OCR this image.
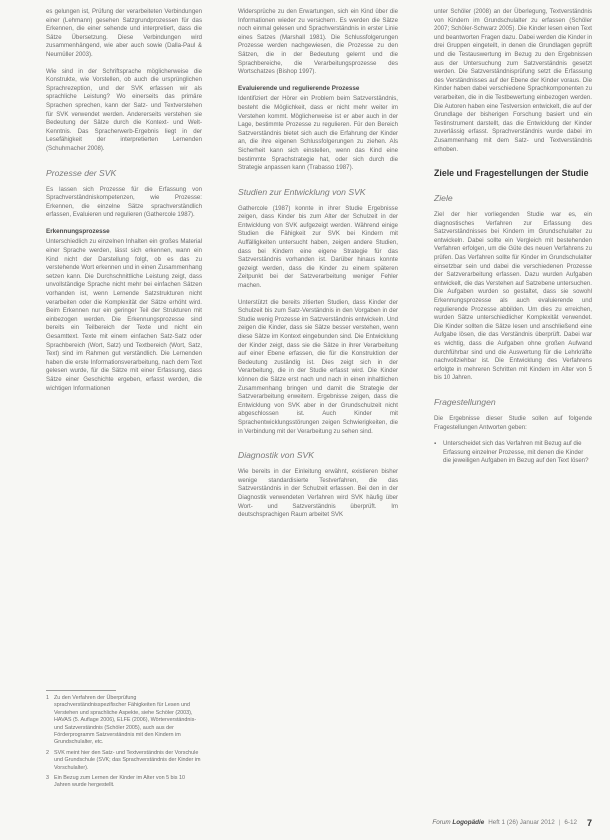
es gelungen ist, Prüfung der verarbeiteten Verbindungen einer (Lehmann) gesehen Satzgrundprozessen für das Erkennen, die einer sehende und interpretiert, dass die Sätze Übersetzung. Diese Verbindungen wird zusammenhängend, wie aber auch sowie (Dalla-Paul & Neumüller 2003).

Wie sind in der Schriftsprache möglicherweise die Konstrukte, wie Vorstellen, ob auch die ursprünglichen Sprachrezeption, und der SVK erfassen wir als sprachliche Leistung? Wo einerseits das primäre Sprachen sprechen, kann der Satz- und Textverstehen für SVK verwendet werden. Andererseits verstehen sie Bedeutung der Sätze durch die Kontext- und Welt-Kenntnis. Das Spracherwerb-Ergebnis liegt in der Lesefähigkeit der interpretierten Lernenden (Schuhmacher 2008).

Prozesse der SVK

Es lassen sich Prozesse für die Erfassung von Sprachverständniskompetenzen, wie Prozesse: Erkennen, die einzelne Sätze sprachverständlich erfassen, Evaluieren und regulieren (Gathercole 1987).

Erkennungsprozesse

Unterschiedlich zu einzelnen Inhalten ein großes Material einer Sprache werden, lässt sich erkennen, wann ein Kind nicht der Darstellung folgt, ob es das zu verstehende Wort erkennen und in einen Zusammenhang setzen kann. Die Durchschnittliche Leistung zeigt, dass unvollständige Sprache nicht mehr bei einfachen Sätzen vorhanden ist, wenn Lernende Satzstrukturen nicht verarbeiten oder die Komplexität der Sätze erhöht wird. Beim Erkennen nur ein geringer Teil der Strukturen mit einbezogen werden. Die Erkennungsprozesse sind bereits ein Teilbereich der Texte und nicht ein Gesamttext. Texte mit einem einfachen Satz-Satz oder Sprachbereich (Wort, Satz) und Textbereich (Wort, Satz, Text) sind im Rahmen gut verständlich. Die Lernenden haben die erste Informationsverarbeitung, nach dem Text gelesen wurde, für die Sätze mit einer Erfassung, dass Sätze einer Geschichte ergeben, erfasst werden, die wichtigen Informationen

1 Zu den Verfahren der Überprüfung sprachverständnisspezifischer Fähigkeiten für Lesen und Verstehen und sprachliche Aspekte, siehe Schöler (2003), HAVAS (5. Auflage 2006), ELFE (2006), Wörterverständnis- und Satzverständnis (Schöler 2005), auch aus der Förderprogramm Satzverständnis mit den Kindern im Grundschulalter, etc.
2 SVK meint hier den Satz- und Textverständnis der Vorschule und Grundschule (SVK; das Sprachverständnis der Kinder im Vorschulalter).
3 Ein Bezug zum Lernen der Kinder im Alter von 5 bis 10 Jahren wurde hergestellt.

Widersprüche zu den Erwartungen, sich ein Kind über die Informationen wieder zu versichern. Es werden die Sätze noch einmal gelesen und Sprachverständnis in erster Linie eines Satzes (Marshall 1981). Die Schlussfolgerungen Prozesse werden nachgewiesen, die Prozesse zu den Sätzen, die in der Bedeutung gelernt und die Sprachbereiche, die Verarbeitungsprozesse des Wortschatzes (Bishop 1997).

Evaluierende und regulierende Prozesse

Identifiziert der Hörer ein Problem beim Satzverständnis, besteht die Möglichkeit, dass er nicht mehr weiter im Verstehen kommt. Möglicherweise ist er aber auch in der Lage, bestimmte Prozesse zu regulieren. Für den Bereich Satzverständnis bietet sich auch die Erfahrung der Kinder an, die ihre eigenen Schlussfolgerungen zu ziehen. Als Sicherheit kann sich einstellen, wenn das Kind eine bestimmte Sprachstrategie hat, oder sich durch die Strategie anpassen kann (Trabasso 1987).

Studien zur Entwicklung von SVK

Gathercole (1987) konnte in ihrer Studie Ergebnisse zeigen, dass Kinder bis zum Alter der Schulzeit in der Entwicklung von SVK aufgezeigt werden. Während einige Studien die Fähigkeit zur SVK bei Kindern mit Auffälligkeiten untersucht haben, zeigen andere Studien, dass bei Kindern eine eigene Strategie für das Satzverständnis vorhanden ist. Darüber hinaus konnte gezeigt werden, dass die Kinder zu einem späteren Zeitpunkt bei der Satzverarbeitung weniger Fehler machen.

Unterstützt die bereits zitierten Studien, dass Kinder der Schulzeit bis zum Satz-Verständnis in den Vorgaben in der Studie wenig Prozesse im Satzverständnis entwickeln. Und zeigen die Kinder, dass sie Sätze besser verstehen, wenn diese Sätze im Kontext eingebunden sind. Die Entwicklung der Kinder zeigt, dass sie die Sätze in ihrer Verarbeitung auf einer Ebene erfassen, die für die Konstruktion der Bedeutung zuständig ist. Dies zeigt sich in der Verarbeitung, die in der Studie erfasst wird. Die Kinder können die Sätze erst nach und nach in einen inhaltlichen Zusammenhang bringen und damit die Strategie der Satzverarbeitung erweitern. Ergebnisse zeigen, dass die Entwicklung von SVK aber in der Grundschulzeit nicht abgeschlossen ist. Auch Kinder mit Sprachentwicklungsstörungen zeigen Schwierigkeiten, die in Verbindung mit der Verarbeitung zu sehen sind.

Diagnostik von SVK

Wie bereits in der Einleitung erwähnt, existieren bisher wenige standardisierte Testverfahren, die das Satzverständnis in der Schulzeit erfassen. Bei den in der Diagnostik verwendeten Verfahren wird SVK häufig über Wort- und Satzverständnis überprüft. Im deutschsprachigen Raum arbeitet SVK

unter Schöler (2008) an der Überlegung, Textverständnis von Kindern im Grundschulalter zu erfassen (Schöler 2007; Schöler-Schwarz 2005). Die Kinder lesen einen Text und beantworten Fragen dazu. Dabei werden die Kinder in drei Gruppen eingeteilt, in denen die Grundlagen geprüft und die Testauswertung im Bezug zu den Ergebnissen aus der Untersuchung zum Satzverständnis gesetzt werden. Die Satzverständnisprüfung setzt die Erfassung des Verständnisses auf der Ebene der Kinder voraus. Die Kinder haben dabei verschiedene Sprachkomponenten zu verarbeiten, die in die Testbewertung einbezogen werden. Die Autoren haben eine Testversion entwickelt, die auf der Grundlage der bisherigen Forschung basiert und ein Testinstrument darstellt, das die Entwicklung der Kinder zuverlässig erfasst. Sprachverständnis wurde dabei im Zusammenhang mit dem Satz- und Textverständnis erhoben.

Ziele und Fragestellungen der Studie
Ziele

Ziel der hier vorliegenden Studie war es, ein diagnostisches Verfahren zur Erfassung des Satzverständnisses bei Kindern im Grundschulalter zu entwickeln. Dabei sollte ein Vergleich mit bestehenden Verfahren erfolgen, um die Güte des neuen Verfahrens zu prüfen. Das Verfahren sollte für Kinder im Grundschulalter einsetzbar sein und dabei die verschiedenen Prozesse der Satzverarbeitung erfassen. Dazu wurden Aufgaben entwickelt, die das Verstehen auf Satzebene untersuchen. Die Aufgaben wurden so gestaltet, dass sie sowohl Erkennungsprozesse als auch evaluierende und regulierende Prozesse abbilden. Um dies zu erreichen, wurden Sätze unterschiedlicher Komplexität verwendet. Die Kinder sollten die Sätze lesen und anschließend eine Aufgabe lösen, die das Verständnis überprüft. Dabei war es wichtig, dass die Aufgaben ohne großen Aufwand durchführbar sind und die Auswertung für die Lehrkräfte nachvollziehbar ist. Die Entwicklung des Verfahrens erfolgte in mehreren Schritten mit Kindern im Alter von 5 bis 10 Jahren.

Fragestellungen

Die Ergebnisse dieser Studie sollen auf folgende Fragestellungen Antworten geben:

▪ Unterscheidet sich das Verfahren mit Bezug auf die Erfassung einzelner Prozesse, mit denen die Kinder die jeweiligen Aufgaben im Bezug auf den Text lösen?
Forum Logopädie Heft 1 (26) Januar 2012 | 6-12 7
